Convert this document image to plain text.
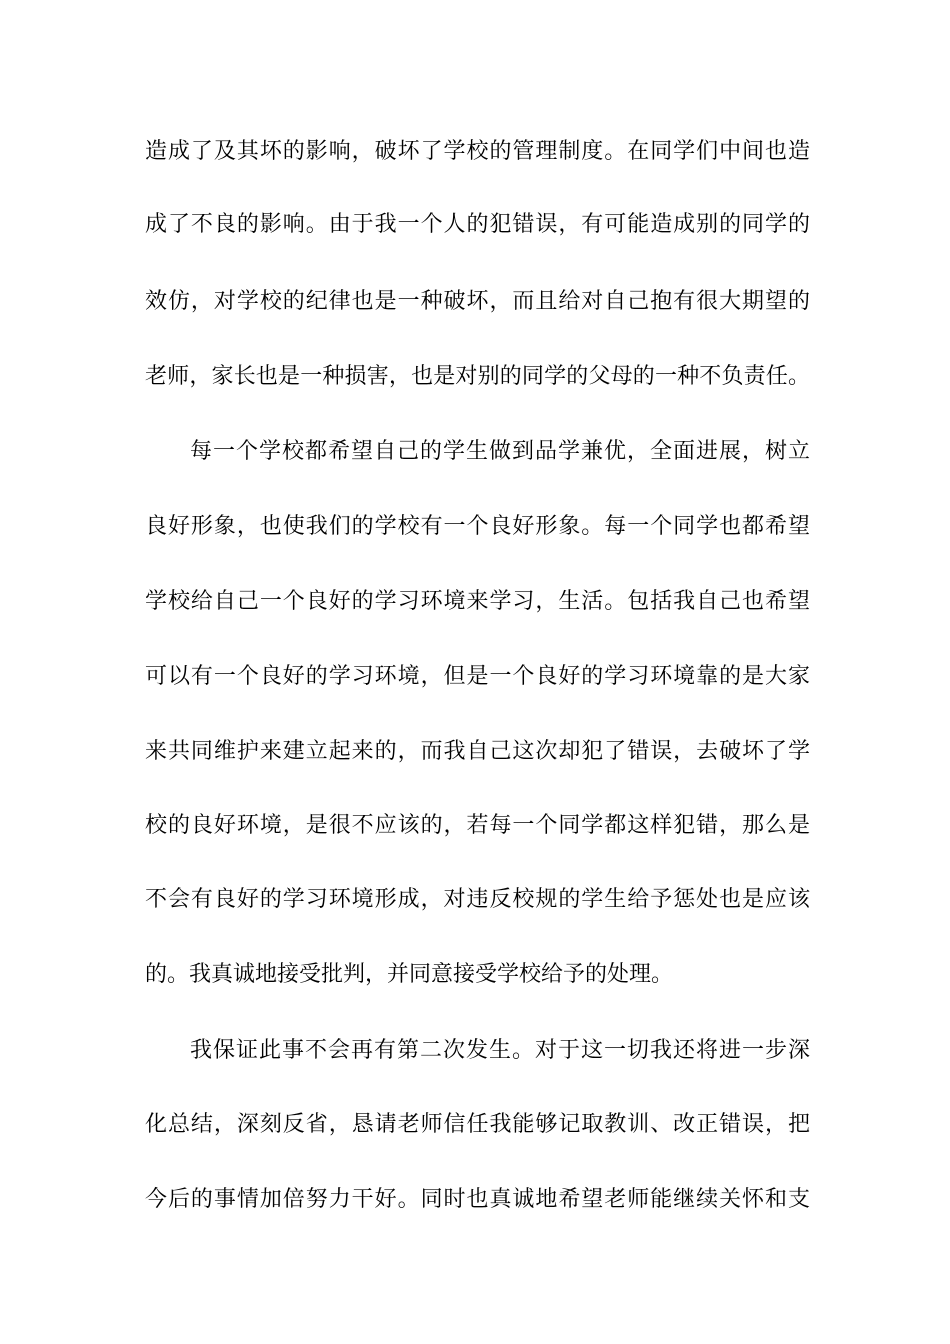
造成了及其坏的影响，破坏了学校的管理制度。在同学们中间也造
成了不良的影响。由于我一个人的犯错误，有可能造成别的同学的
效仿，对学校的纪律也是一种破坏，而且给对自己抱有很大期望的
老师，家长也是一种损害，也是对别的同学的父母的一种不负责任。
每一个学校都希望自己的学生做到品学兼优，全面进展，树立
良好形象，也使我们的学校有一个良好形象。每一个同学也都希望
学校给自己一个良好的学习环境来学习，生活。包括我自己也希望
可以有一个良好的学习环境，但是一个良好的学习环境靠的是大家
来共同维护来建立起来的，而我自己这次却犯了错误，去破坏了学
校的良好环境，是很不应该的，若每一个同学都这样犯错，那么是
不会有良好的学习环境形成，对违反校规的学生给予惩处也是应该
的。我真诚地接受批判，并同意接受学校给予的处理。
我保证此事不会再有第二次发生。对于这一切我还将进一步深
化总结，深刻反省，恳请老师信任我能够记取教训、改正错误，把
今后的事情加倍努力干好。同时也真诚地希望老师能继续关怀和支
